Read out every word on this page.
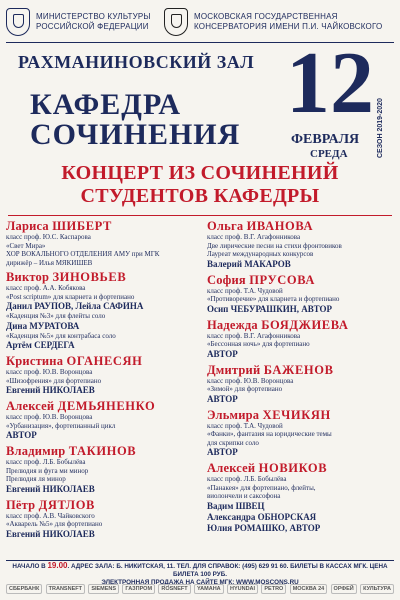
МИНИСТЕРСТВО КУЛЬТУРЫ РОССИЙСКОЙ ФЕДЕРАЦИИ
МОСКОВСКАЯ ГОСУДАРСТВЕННАЯ КОНСЕРВАТОРИЯ ИМЕНИ П.И. ЧАЙКОВСКОГО
РАХМАНИНОВСКИЙ ЗАЛ
КАФЕДРА
СОЧИНЕНИЯ
12 СЕЗОН 2019-2020
ФЕВРАЛЯ
СРЕДА
КОНЦЕРТ ИЗ СОЧИНЕНИЙ
СТУДЕНТОВ КАФЕДРЫ
Лариса ШИБЕРТ
класс проф. Ю.С. Каспарова
«Свет Мира»
ХОР ВОКАЛЬНОГО ОТДЕЛЕНИЯ АМУ при МГК
дирижёр – Илья МЯКИШЕВ
Виктор ЗИНОВЬЕВ
класс проф. А.А. Кобякова
«Post scriptum» для кларнета и фортепиано
Данил РАУПОВ, Лейла САФИНА
«Каденция №3» для флейты соло
Дина МУРАТОВА
«Каденция №5» для контрабаса соло
Артём СЕРДЕГА
Кристина ОГАНЕСЯН
класс проф. Ю.В. Воронцова
«Шизофрения» для фортепиано
Евгений НИКОЛАЕВ
Алексей ДЕМЬЯНЕНКО
класс проф. Ю.В. Воронцова
«Урбанизация», фортепианный цикл
АВТОР
Владимир ТАКИНОВ
класс проф. Л.Б. Бобылёва
Прелюдия и фуга ми минор
Прелюдия ля минор
Евгений НИКОЛАЕВ
Пётр ДЯТЛОВ
класс проф. А.В. Чайковского
«Акварель №5» для фортепиано
Евгений НИКОЛАЕВ
Ольга ИВАНОВА
класс проф. В.Г. Агафонникова
Две лирические песни на стихи фронтовиков
Лауреат международных конкурсов
Валерий МАКАРОВ
София ПРУСОВА
класс проф. Т.А. Чудовой
«Противоречие» для кларнета и фортепиано
Осип ЧЕБУРАШКИН, АВТОР
Надежда БОЯДЖИЕВА
класс проф. В.Г. Агафонникова
«Бессонная ночь» для фортепиано
АВТОР
Дмитрий БАЖЕНОВ
класс проф. Ю.В. Воронцова
«Зимой» для фортепиано
АВТОР
Эльмира ХЕЧИКЯН
класс проф. Т.А. Чудовой
«Фанки», фантазия на юридические темы
для скрипки соло
АВТОР
Алексей НОВИКОВ
класс проф. Л.Б. Бобылёва
«Панакея» для фортепиано, флейты,
виолончели и саксофона
Вадим ШВЕЦ
Александра ОБНОРСКАЯ
Юлия РОМАШКО, АВТОР
НАЧАЛО В 19.00. АДРЕС ЗАЛА: Б. НИКИТСКАЯ, 11. ТЕЛ. ДЛЯ СПРАВОК: (495) 629 91 60. БИЛЕТЫ В КАССАХ МГК. ЦЕНА БИЛЕТА 100 РУБ.
ЭЛЕКТРОННАЯ ПРОДАЖА НА САЙТЕ МГК: WWW.MOSCONS.RU
СБЕРБАНК	TRANSNEFT	SIEMENS	ГАЗПРОМ	ROSNEFT	YAMAHA	HYUNDAI	PETRO	МОСКВА 24	ОРФЕЙ	КУЛЬТУРА
